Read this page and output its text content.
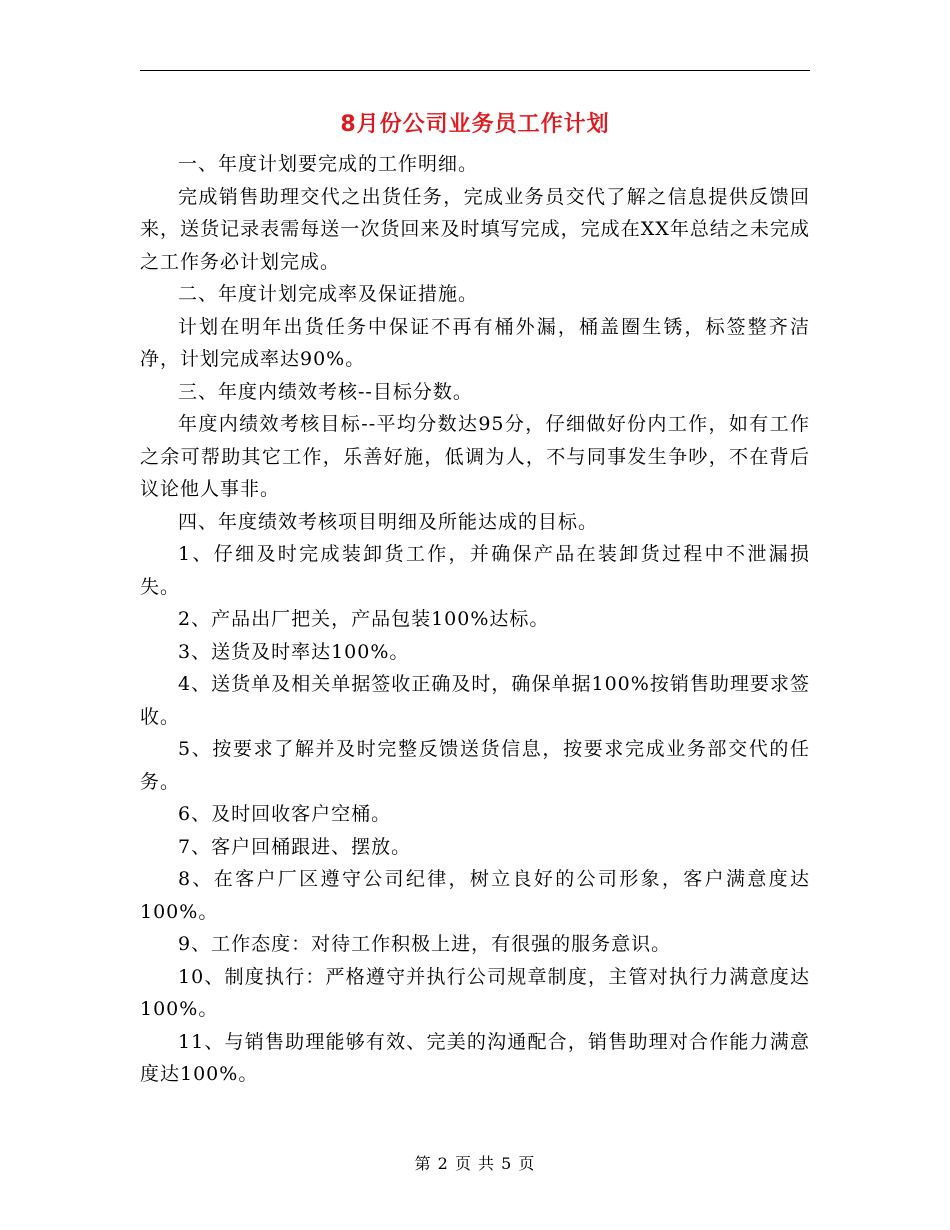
8月份公司业务员工作计划

一、年度计划要完成的工作明细。

完成销售助理交代之出货任务，完成业务员交代了解之信息提供反馈回来，送货记录表需每送一次货回来及时填写完成，完成在XX年总结之未完成之工作务必计划完成。

二、年度计划完成率及保证措施。

计划在明年出货任务中保证不再有桶外漏，桶盖圈生锈，标签整齐洁净，计划完成率达90%。

三、年度内绩效考核--目标分数。

年度内绩效考核目标--平均分数达95分，仔细做好份内工作，如有工作之余可帮助其它工作，乐善好施，低调为人，不与同事发生争吵，不在背后议论他人事非。

四、年度绩效考核项目明细及所能达成的目标。

1、仔细及时完成装卸货工作，并确保产品在装卸货过程中不泄漏损失。

2、产品出厂把关，产品包装100%达标。

3、送货及时率达100%。

4、送货单及相关单据签收正确及时，确保单据100%按销售助理要求签收。

5、按要求了解并及时完整反馈送货信息，按要求完成业务部交代的任务。

6、及时回收客户空桶。

7、客户回桶跟进、摆放。

8、在客户厂区遵守公司纪律，树立良好的公司形象，客户满意度达100%。

9、工作态度：对待工作积极上进，有很强的服务意识。

10、制度执行：严格遵守并执行公司规章制度，主管对执行力满意度达100%。

11、与销售助理能够有效、完美的沟通配合，销售助理对合作能力满意度达100%。

第 2 页 共 5 页
